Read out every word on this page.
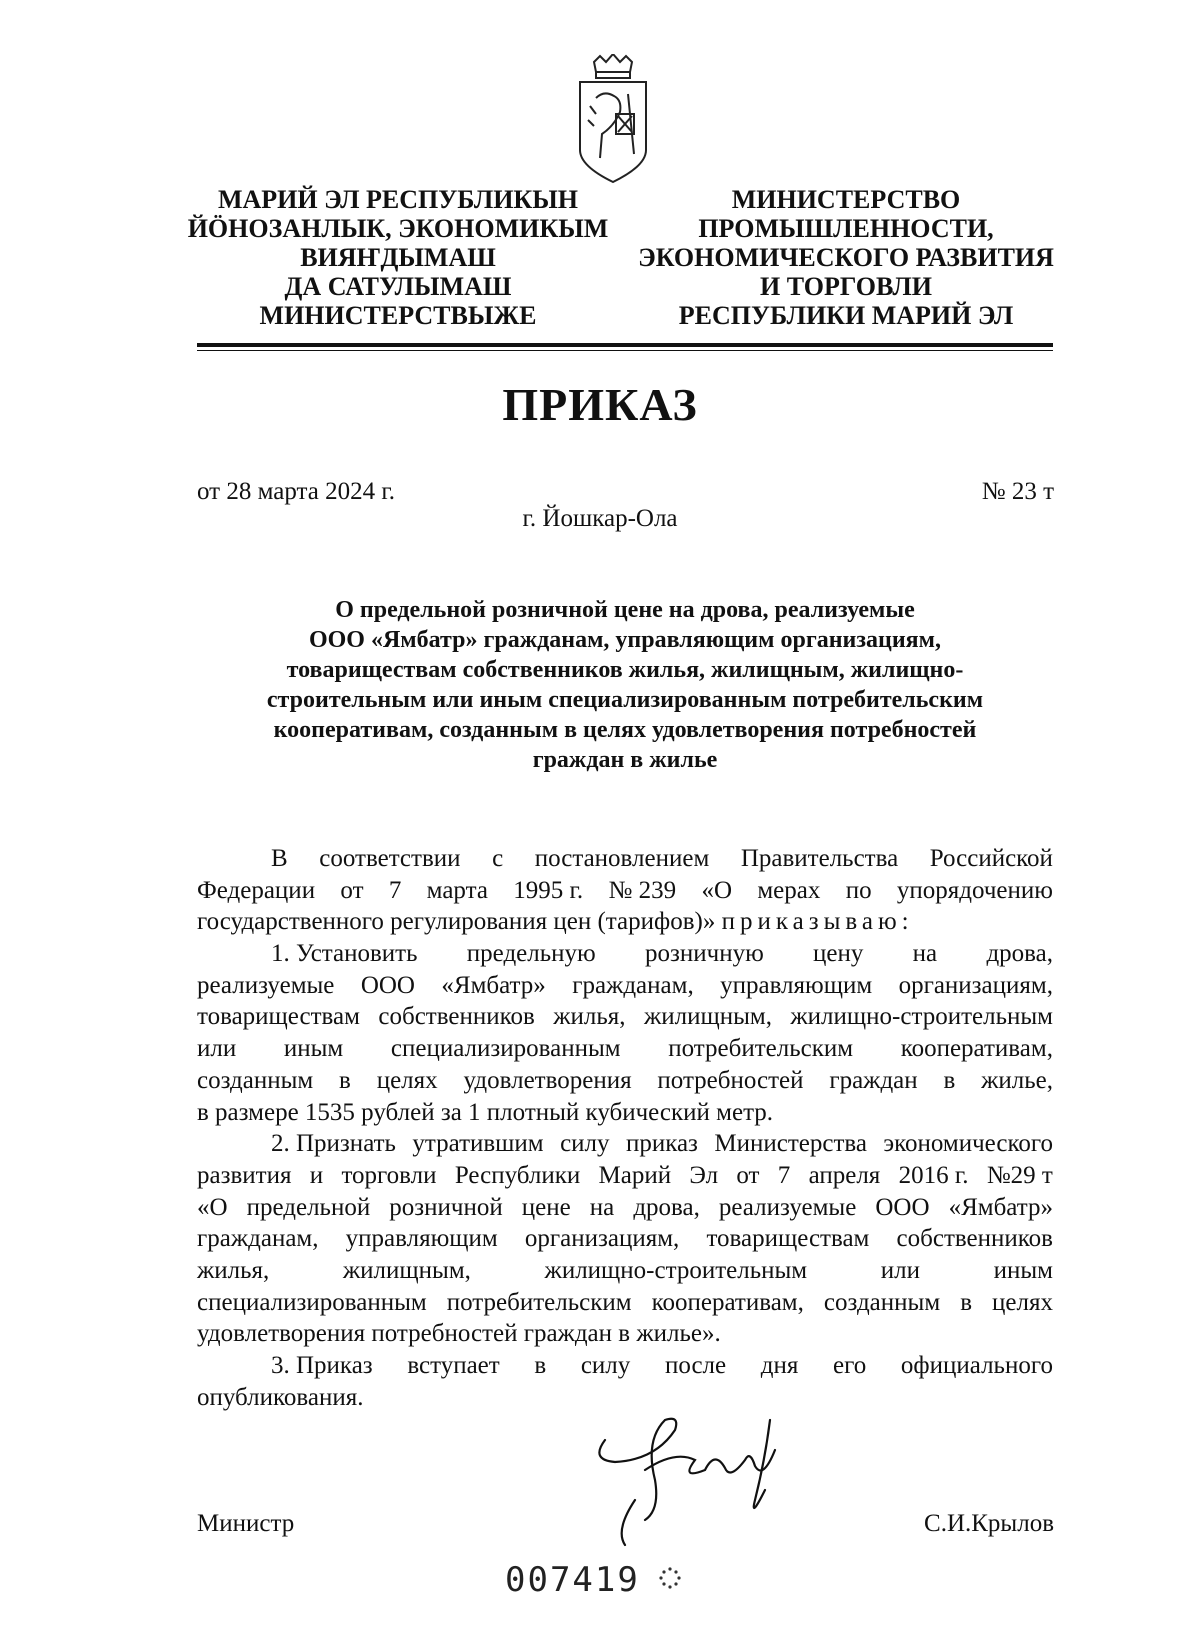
МАРИЙ ЭЛ РЕСПУБЛИКЫН
ЙӦНОЗАНЛЫК, ЭКОНОМИКЫМ
ВИЯҤДЫМАШ
ДА САТУЛЫМАШ
МИНИСТЕРСТВЫЖЕ
МИНИСТЕРСТВО
ПРОМЫШЛЕННОСТИ,
ЭКОНОМИЧЕСКОГО РАЗВИТИЯ
И ТОРГОВЛИ
РЕСПУБЛИКИ МАРИЙ ЭЛ
ПРИКАЗ
от 28 марта 2024 г.	№ 23 т
г. Йошкар-Ола
О предельной розничной цене на дрова, реализуемые
ООО «Ямбатр» гражданам, управляющим организациям,
товариществам собственников жилья, жилищным, жилищно-
строительным или иным специализированным потребительским
кооперативам, созданным в целях удовлетворения потребностей
граждан в жилье
В соответствии с постановлением Правительства Российской
Федерации от 7 марта 1995 г. № 239 «О мерах по упорядочению
государственного регулирования цен (тарифов)»
приказываю:
1. Установить предельную розничную цену на дрова,
реализуемые ООО «Ямбатр» гражданам, управляющим организациям,
товариществам собственников жилья, жилищным, жилищно-строительным
или иным специализированным потребительским кооперативам,
созданным в целях удовлетворения потребностей граждан в жилье,
в размере 1535 рублей за 1 плотный кубический метр.
2. Признать утратившим силу приказ Министерства экономического
развития и торговли Республики Марий Эл от 7 апреля 2016 г. №29 т
«О предельной розничной цене на дрова, реализуемые ООО «Ямбатр»
гражданам, управляющим организациям, товариществам собственников
жилья,	жилищным,	жилищно-строительным	или	иным
специализированным потребительским кооперативам, созданным в целях
удовлетворения потребностей граждан в жилье».
3. Приказ вступает в силу после дня его официального
опубликования.
Министр	С.И.Крылов
007419
